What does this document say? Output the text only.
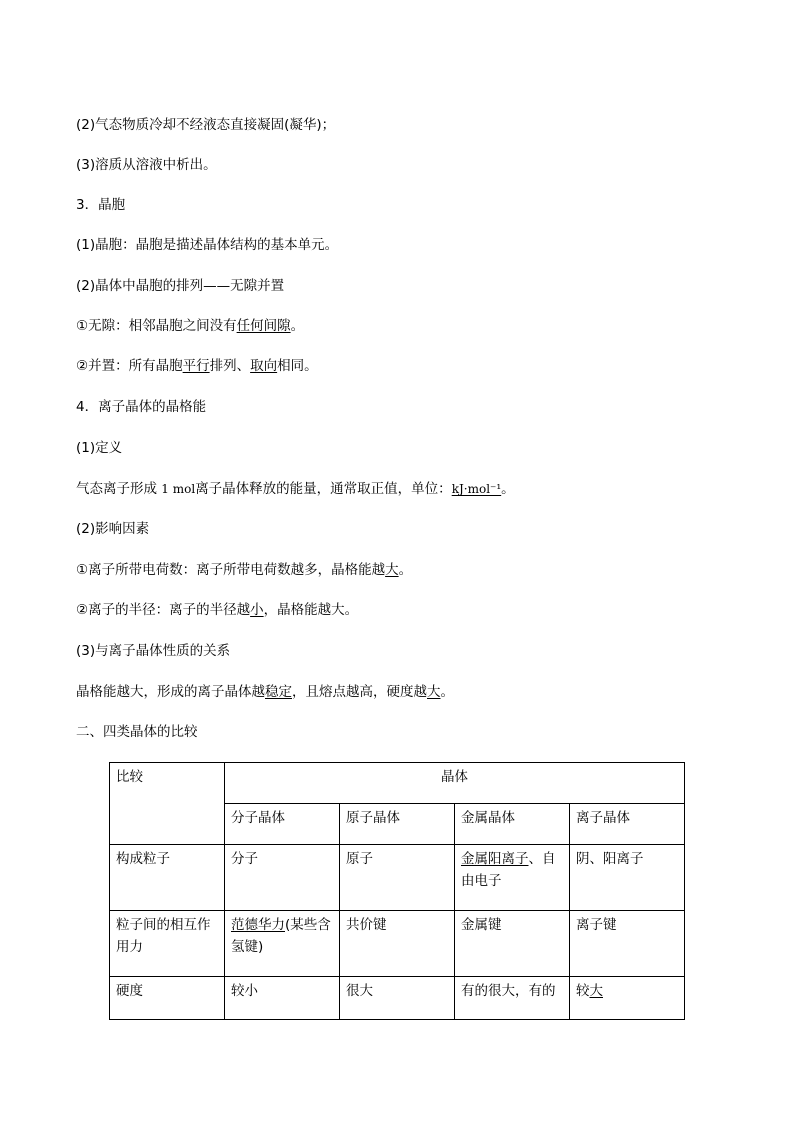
(2)气态物质冷却不经液态直接凝固(凝华)；
(3)溶质从溶液中析出。
3．晶胞
(1)晶胞：晶胞是描述晶体结构的基本单元。
(2)晶体中晶胞的排列——无隙并置
①无隙：相邻晶胞之间没有任何间隙。
②并置：所有晶胞平行排列、取向相同。
4．离子晶体的晶格能
(1)定义
气态离子形成 1 mol离子晶体释放的能量，通常取正值，单位：kJ·mol⁻¹。
(2)影响因素
①离子所带电荷数：离子所带电荷数越多，晶格能越大。
②离子的半径：离子的半径越小，晶格能越大。
(3)与离子晶体性质的关系
晶格能越大，形成的离子晶体越稳定，且熔点越高，硬度越大。
二、四类晶体的比较
比较	晶体			
	分子晶体	原子晶体	金属晶体	离子晶体
构成粒子	分子	原子	金属阳离子、自由电子	阴、阳离子
粒子间的相互作用力	范德华力(某些含氢键)	共价键	金属键	离子键
硬度	较小	很大	有的很大，有的	较大
